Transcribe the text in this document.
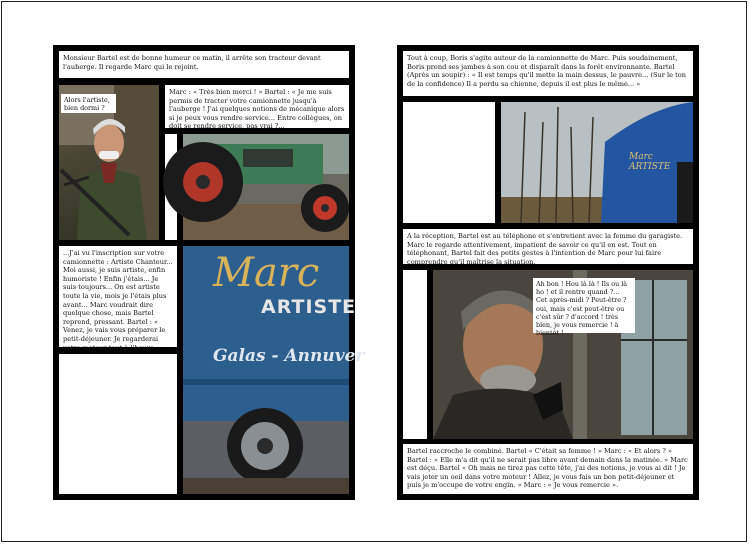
Monsieur Bartel est de bonne humeur ce matin, il arrête son tracteur devant l'auberge. Il regarde Marc qui le rejoint.
Alors l'artiste, bien dormi ?
Marc : « Très bien merci ! » Bartel : « Je me suis permis de tracter votre camionnette jusqu'à l'auberge ! J'ai quelques notions de mécanique alors si je peux vous rendre service... Entre collègues, on doit se rendre service, pas vrai ?...
...J'ai vu l'inscription sur votre camionnette : Artiste Chanteur... Moi aussi, je suis artiste, enfin humoriste ! Enfin j'étais... Je suis toujours... On est artiste toute la vie, mois je l'étais plus avant... Marc voudrait dire quelque chose, mais Bartel reprend, pressant. Bartel : « Venez, je vais vous préparer le petit-déjeuner. Je regarderai votre moteur tout à l'heure. »
Marc
ARTISTE
Galas - Annuver
Tout à coup, Boris s'agite autour de la camionnette de Marc. Puis soudainement, Boris prend ses jambes à son cou et disparaît dans la forêt environnante. Bartel (Après un soupir) : « Il est temps qu'il mette la main dessus, le pauvre... (Sur le ton de la confidence) Il a perdu sa chienne, depuis il est plus le même... »
Marc ARTISTE
A la réception, Bartel est au téléphone et s'entretient avec la femme du garagiste. Marc le regarde attentivement, impatient de savoir ce qu'il en est. Tout en téléphonant, Bartel fait des petits gestes à l'intention de Marc pour lui faire comprendre qu'il maîtrise la situation.
Ah bon ! Hou là là ! Ils ou là ho ! et il rentre quand ?... Cet après-midi ? Peut-être ? oui, mais c'est peut-être ou c'est sûr ? d'accord ! très bien, je vous remercie ! à bientôt !
Bartel raccroche le combiné. Bartel « C'était sa femme ! » Marc : « Et alors ? » Bartel : « Elle m'a dit qu'il ne serait pas libre avant demain dans la matinée. » Marc est déçu. Bartel « Oh mais ne tirez pas cette tête, j'ai des notions, je vous ai dit ! Je vais jeter un oeil dans votre moteur ! Allez, je vous fais un bon petit-déjeuner et puis je m'occupe de votre engin. » Marc : « Je vous remercie ».
